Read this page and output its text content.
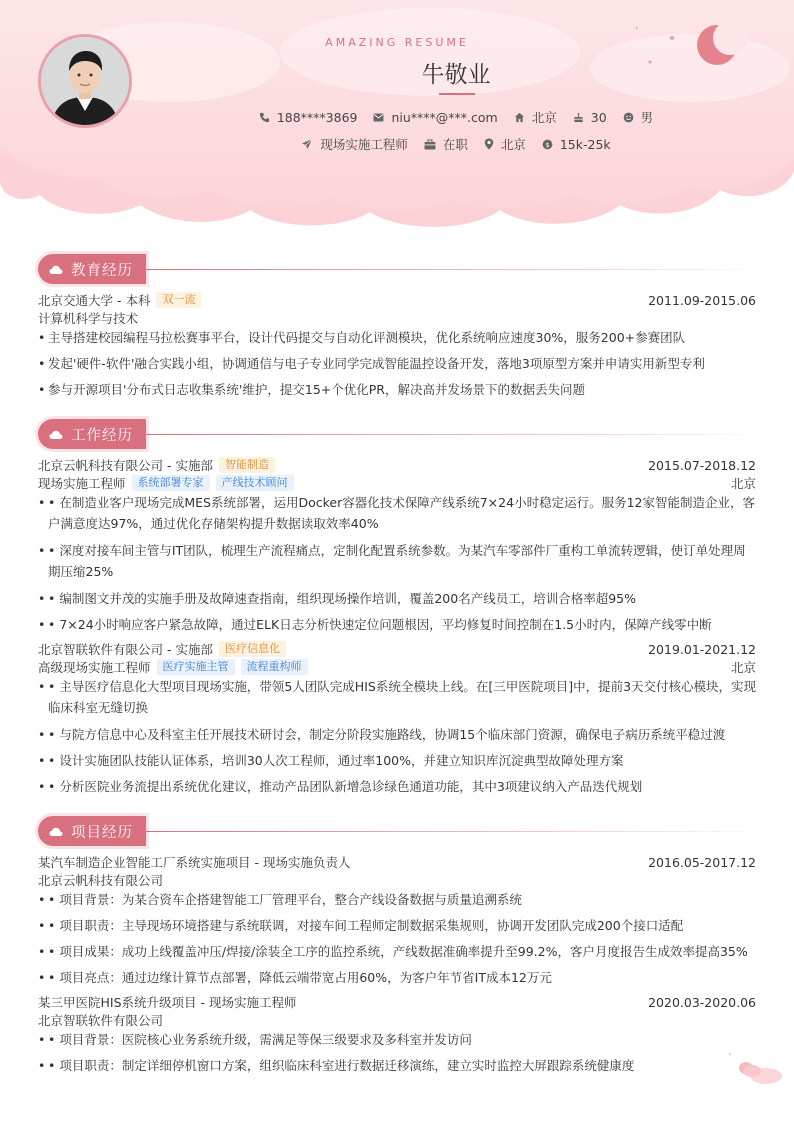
AMAZING RESUME
牛敬业
188****3869	niu****@***.com	北京	30	男
现场实施工程师	在职	北京	$ 15k-25k
教育经历
北京交通大学 - 本科	双一流	2011.09-2015.06
计算机科学与技术
• 主导搭建校园编程马拉松赛事平台，设计代码提交与自动化评测模块，优化系统响应速度30%，服务200+参赛团队
• 发起'硬件-软件'融合实践小组，协调通信与电子专业同学完成智能温控设备开发，落地3项原型方案并申请实用新型专利
• 参与开源项目'分布式日志收集系统'维护，提交15+个优化PR，解决高并发场景下的数据丢失问题
工作经历
北京云帆科技有限公司 - 实施部	智能制造	2015.07-2018.12
现场实施工程师	系统部署专家	产线技术顾问	北京
• • 在制造业客户现场完成MES系统部署，运用Docker容器化技术保障产线系统7×24小时稳定运行。服务12家智能制造企业，客户满意度达97%，通过优化存储架构提升数据读取效率40%
• • 深度对接车间主管与IT团队，梳理生产流程痛点，定制化配置系统参数。为某汽车零部件厂重构工单流转逻辑，使订单处理周期压缩25%
• • 编制图文并茂的实施手册及故障速查指南，组织现场操作培训，覆盖200名产线员工，培训合格率超95%
• • 7×24小时响应客户紧急故障，通过ELK日志分析快速定位问题根因，平均修复时间控制在1.5小时内，保障产线零中断
北京智联软件有限公司 - 实施部	医疗信息化	2019.01-2021.12
高级现场实施工程师	医疗实施主管	流程重构师	北京
• • 主导医疗信息化大型项目现场实施，带领5人团队完成HIS系统全模块上线。在[三甲医院项目]中，提前3天交付核心模块，实现临床科室无缝切换
• • 与院方信息中心及科室主任开展技术研讨会，制定分阶段实施路线，协调15个临床部门资源，确保电子病历系统平稳过渡
• • 设计实施团队技能认证体系，培训30人次工程师，通过率100%，并建立知识库沉淀典型故障处理方案
• • 分析医院业务流提出系统优化建议，推动产品团队新增急诊绿色通道功能，其中3项建议纳入产品迭代规划
项目经历
某汽车制造企业智能工厂系统实施项目 - 现场实施负责人	2016.05-2017.12
北京云帆科技有限公司
• • 项目背景：为某合资车企搭建智能工厂管理平台，整合产线设备数据与质量追溯系统
• • 项目职责：主导现场环境搭建与系统联调，对接车间工程师定制数据采集规则，协调开发团队完成200个接口适配
• • 项目成果：成功上线覆盖冲压/焊接/涂装全工序的监控系统，产线数据准确率提升至99.2%，客户月度报告生成效率提高35%
• • 项目亮点：通过边缘计算节点部署，降低云端带宽占用60%，为客户年节省IT成本12万元
某三甲医院HIS系统升级项目 - 现场实施工程师	2020.03-2020.06
北京智联软件有限公司
• • 项目背景：医院核心业务系统升级，需满足等保三级要求及多科室并发访问
• • 项目职责：制定详细停机窗口方案，组织临床科室进行数据迁移演练，建立实时监控大屏跟踪系统健康度
